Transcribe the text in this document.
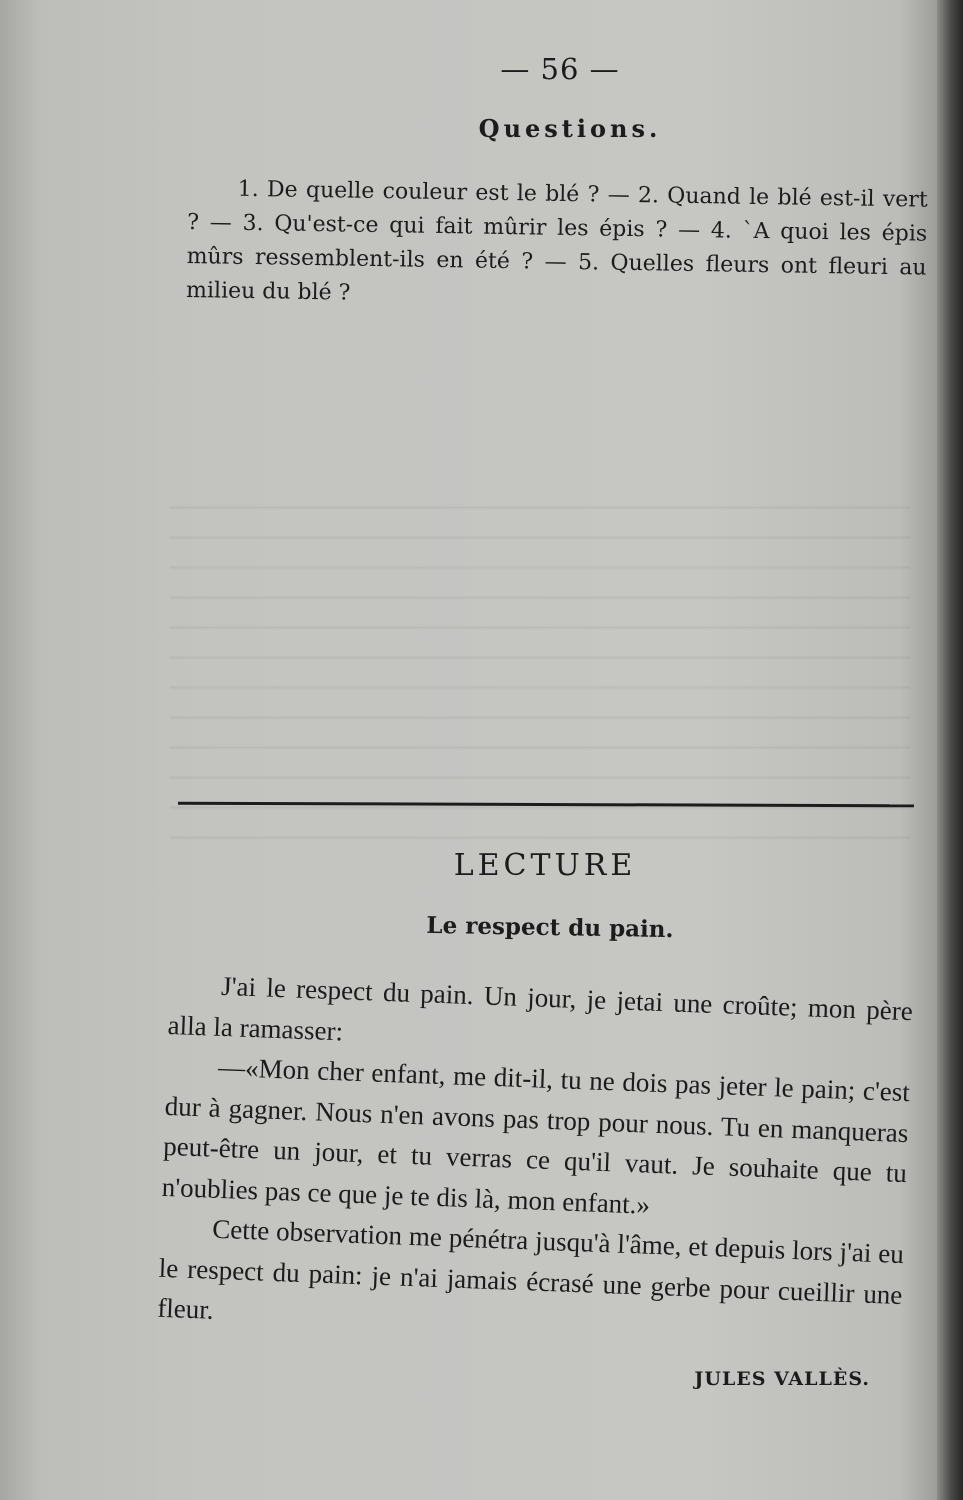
— 56 —
Questions.

1. De quelle couleur est le blé ? — 2. Quand le blé est-il vert ? — 3. Qu'est-ce qui fait mûrir les épis ? — 4. `A quoi les épis mûrs ressemblent-ils en été ? — 5. Quelles fleurs ont fleuri au milieu du blé ?

LECTURE
Le respect du pain.

J'ai le respect du pain. Un jour, je jetai une croûte; mon père alla la ramasser:

—«Mon cher enfant, me dit-il, tu ne dois pas jeter le pain; c'est dur à gagner. Nous n'en avons pas trop pour nous. Tu en manqueras peut-être un jour, et tu verras ce qu'il vaut. Je souhaite que tu n'oublies pas ce que je te dis là, mon enfant.»

Cette observation me pénétra jusqu'à l'âme, et depuis lors j'ai eu le respect du pain: je n'ai jamais écrasé une gerbe pour cueillir une fleur.

JULES VALLÈS.
